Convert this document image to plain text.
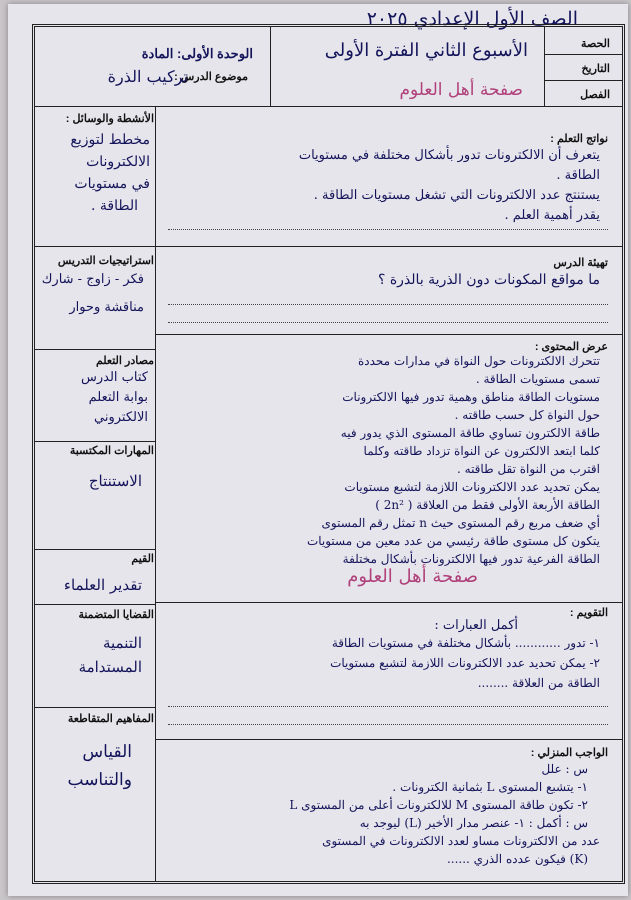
الصف الأول الإعدادي ٢٠٢٥
الحصة
التاريخ
الفصل
الأسبوع الثاني الفترة الأولى
صفحة أهل العلوم
الوحدة الأولى: المادة
موضوع الدرس :
تركيب الذرة
الأنشطة والوسائل :
مخطط لتوزيع
الالكترونات
في مستويات
الطاقة .
استراتيجيات التدريس
فكر - زاوج - شارك
مناقشة وحوار
مصادر التعلم
كتاب الدرس
بوابة التعلم
الالكتروني
المهارات المكتسبة
الاستنتاج
القيم
تقدير العلماء
القضايا المتضمنة
التنمية
المستدامة
المفاهيم المتقاطعة
القياس
والتناسب
نواتج التعلم :
يتعرف أن الالكترونات تدور بأشكال مختلفة في مستويات
الطاقة .
يستنتج عدد الالكترونات التي تشغل مستويات الطاقة .
يقدر أهمية العلم .
تهيئة الدرس
ما مواقع المكونات دون الذرية بالذرة ؟
عرض المحتوى :
تتحرك الالكترونات حول النواة في مدارات محددة
تسمى مستويات الطاقة .
مستويات الطاقة مناطق وهمية تدور فيها الالكترونات
حول النواة كل حسب طاقته .
طاقة الالكترون تساوي طاقة المستوى الذي يدور فيه
كلما ابتعد الالكترون عن النواة تزداد طاقته وكلما
اقترب من النواة تقل طاقته .
يمكن تحديد عدد الالكترونات اللازمة لتشبع مستويات
الطاقة الأربعة الأولى فقط من العلاقة ( 2n² )
أي ضعف مربع رقم المستوى حيث n تمثل رقم المستوى
يتكون كل مستوى طاقة رئيسي من عدد معين من مستويات
الطاقة الفرعية تدور فيها الالكترونات بأشكال مختلفة
صفحة أهل العلوم
التقويم :
أكمل العبارات :
١- تدور ............ بأشكال مختلفة في مستويات الطاقة
٢- يمكن تحديد عدد الالكترونات اللازمة لتشبع مستويات
الطاقة من العلاقة ........
الواجب المنزلي :
س : علل
١- يتشبع المستوى L بثمانية الكترونات .
٢- تكون طاقة المستوى M للالكترونات أعلى من المستوى L
س : أكمل : ١- عنصر مدار الأخير (L) ليوجد به
عدد من الالكترونات مساو لعدد الالكترونات في المستوى
(K) فيكون عدده الذري ......
